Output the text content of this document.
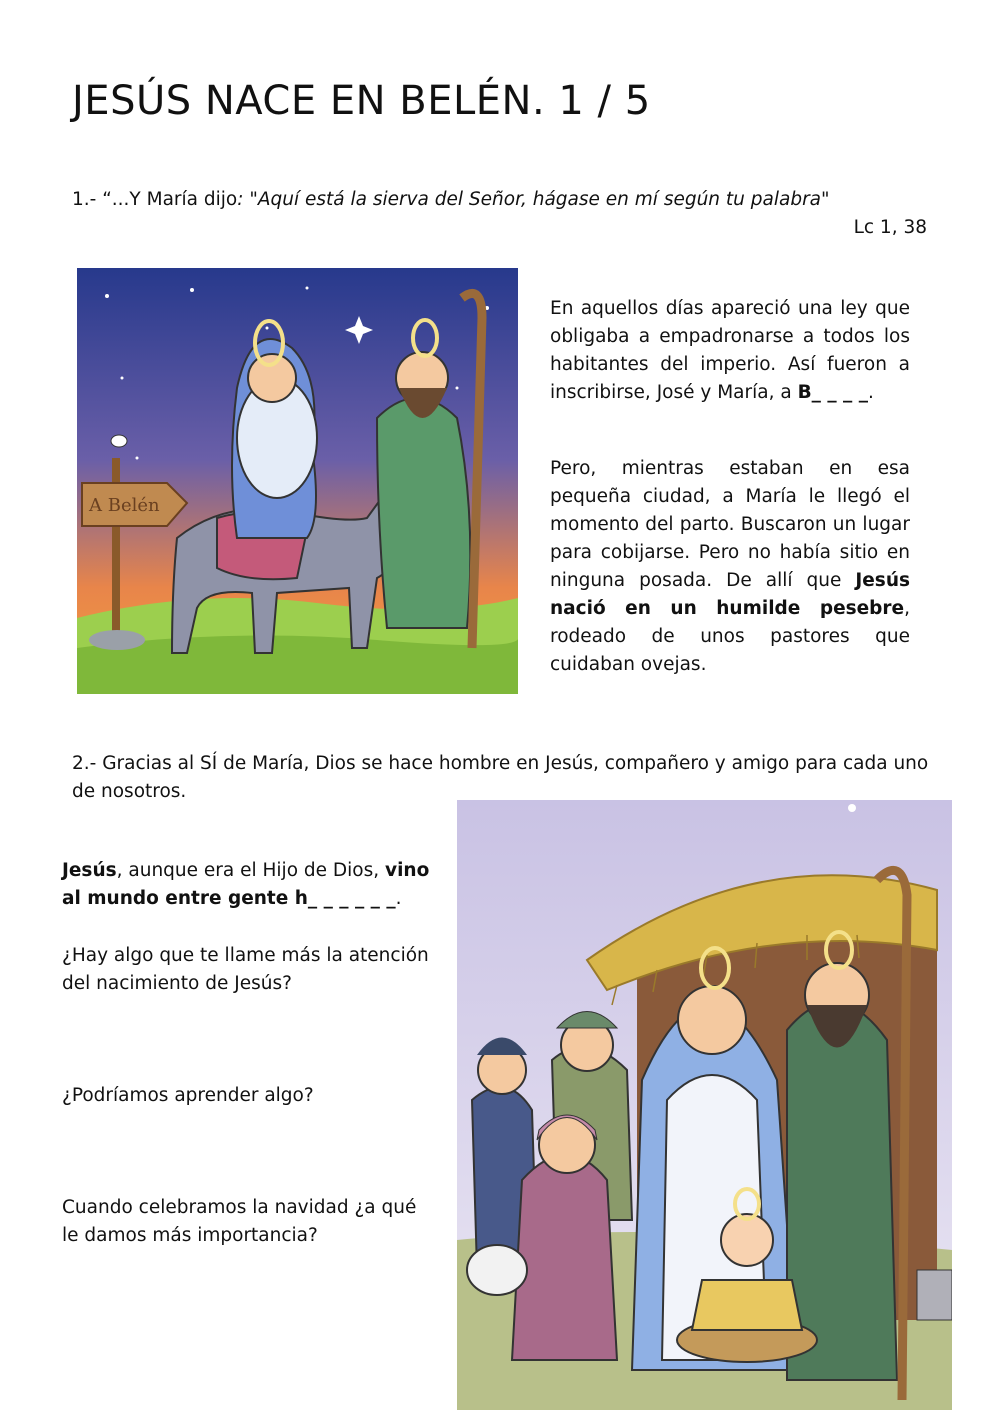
JESÚS NACE EN BELÉN. 1 / 5
1.- “...Y María dijo: "Aquí está la sierva del Señor, hágase en mí según tu palabra"
Lc 1, 38
A Belén
En aquellos días apareció una ley que obligaba a empadronarse a todos los habitantes del imperio. Así fueron a inscribirse, José y María, a B_ _ _ _.
Pero, mientras estaban en esa pequeña ciudad, a María le llegó el momento del parto. Buscaron un lugar para cobijarse. Pero no había sitio en ninguna posada. De allí que Jesús nació en un humilde pesebre, rodeado de unos pastores que cuidaban ovejas.
2.- Gracias al SÍ de María, Dios se hace hombre en Jesús, compañero y amigo para cada uno de nosotros.
Jesús, aunque era el Hijo de Dios, vino al mundo entre gente h_ _ _ _ _ _.
¿Hay algo que te llame más la atención del nacimiento de Jesús?
¿Podríamos aprender algo?
Cuando celebramos la navidad ¿a qué le damos más importancia?
